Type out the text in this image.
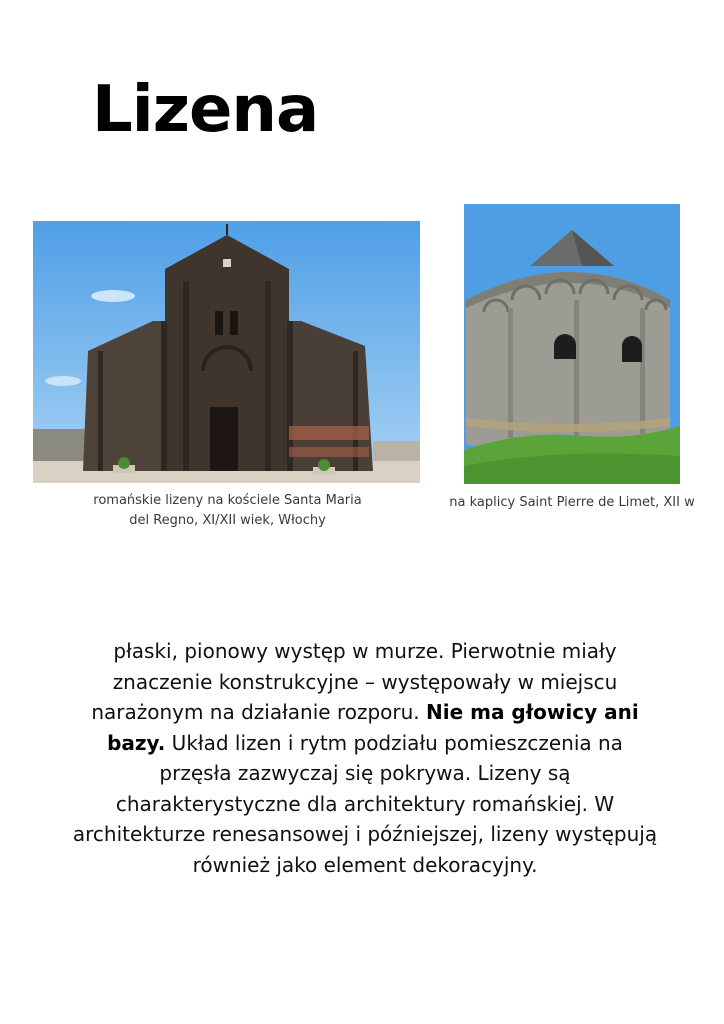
Lizena
romańskie lizeny na kościele Santa Maria
del Regno, XI/XII wiek, Włochy
na kaplicy Saint Pierre de Limet, XII w
płaski, pionowy występ w murze. Pierwotnie miały znaczenie konstrukcyjne – występowały w miejscu narażonym na działanie rozporu. Nie ma głowicy ani bazy. Układ lizen i rytm podziału pomieszczenia na przęsła zazwyczaj się pokrywa. Lizeny są charakterystyczne dla architektury romańskiej. W architekturze renesansowej i późniejszej, lizeny występują również jako element dekoracyjny.
